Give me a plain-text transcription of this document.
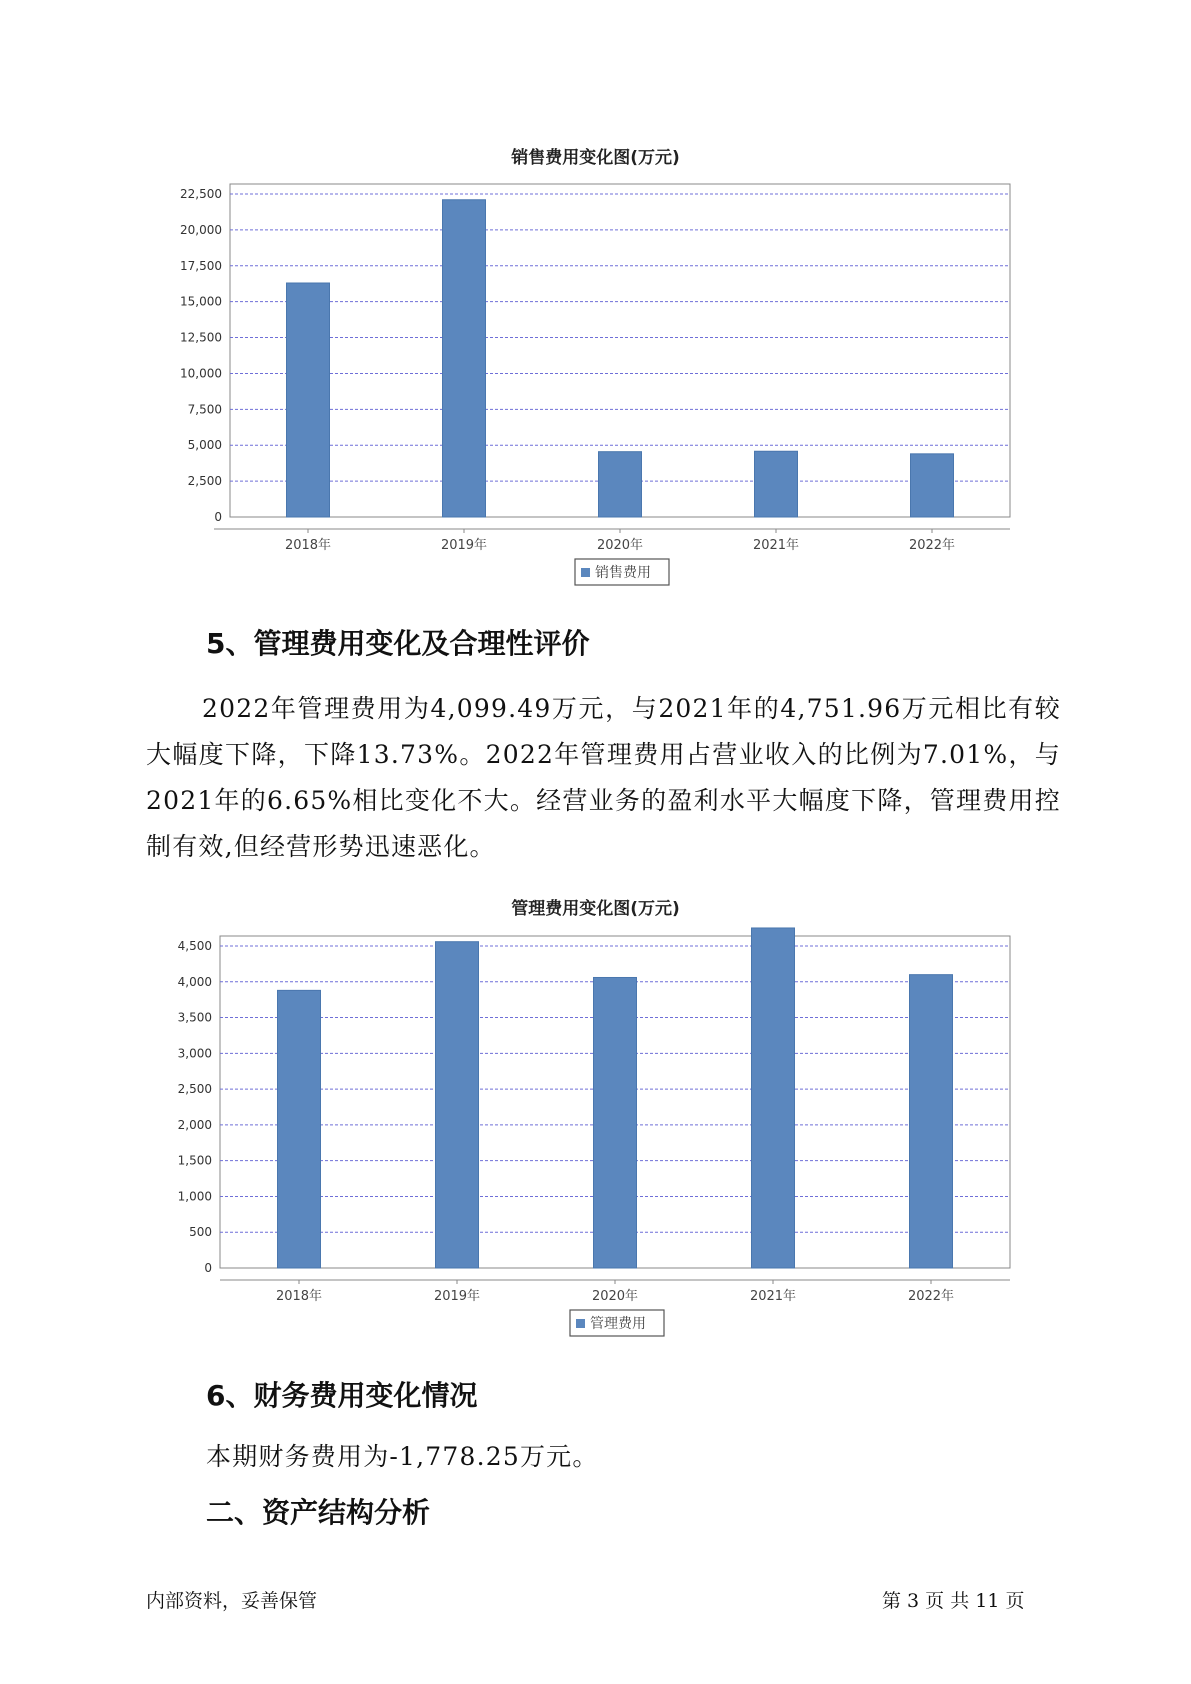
销售费用变化图(万元)
0
2,500
5,000
7,500
10,000
12,500
15,000
17,500
20,000
22,500
2018年	2019年	2020年	2021年	2022年
销售费用
5、管理费用变化及合理性评价

2022年管理费用为4,099.49万元，与2021年的4,751.96万元相比有较大幅度下降，下降13.73%。2022年管理费用占营业收入的比例为7.01%，与2021年的6.65%相比变化不大。经营业务的盈利水平大幅度下降，管理费用控制有效,但经营形势迅速恶化。

管理费用变化图(万元)
0
500
1,000
1,500
2,000
2,500
3,000
3,500
4,000
4,500
2018年	2019年	2020年	2021年	2022年
管理费用
6、财务费用变化情况
本期财务费用为-1,778.25万元。
二、资产结构分析
内部资料，妥善保管	第 3 页 共 11 页
